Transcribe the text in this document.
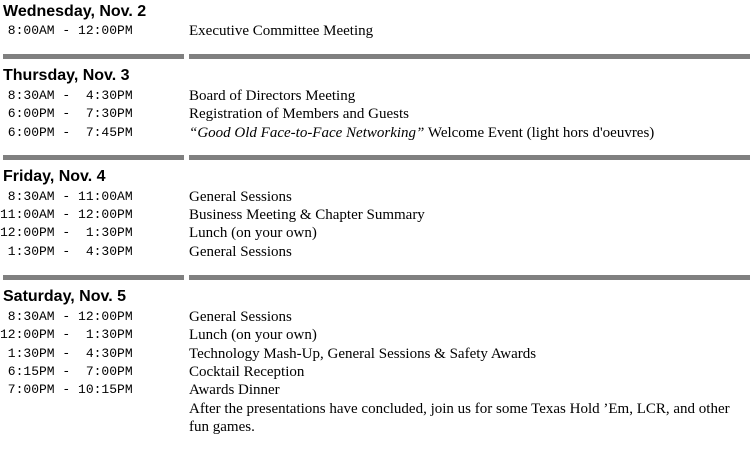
Wednesday, Nov. 2
8:00AM - 12:00PM	Executive Committee Meeting
Thursday, Nov. 3
8:30AM -  4:30PM	Board of Directors Meeting
6:00PM -  7:30PM	Registration of Members and Guests
6:00PM -  7:45PM	“Good Old Face-to-Face Networking” Welcome Event (light hors d'oeuvres)
Friday, Nov. 4
8:30AM - 11:00AM	General Sessions
11:00AM - 12:00PM	Business Meeting & Chapter Summary
12:00PM -  1:30PM	Lunch (on your own)
1:30PM -  4:30PM	General Sessions
Saturday, Nov. 5
8:30AM - 12:00PM	General Sessions
12:00PM -  1:30PM	Lunch (on your own)
1:30PM -  4:30PM	Technology Mash-Up, General Sessions & Safety Awards
6:15PM -  7:00PM	Cocktail Reception
7:00PM - 10:15PM	Awards Dinner
After the presentations have concluded, join us for some Texas Hold ’Em, LCR, and other fun games.
